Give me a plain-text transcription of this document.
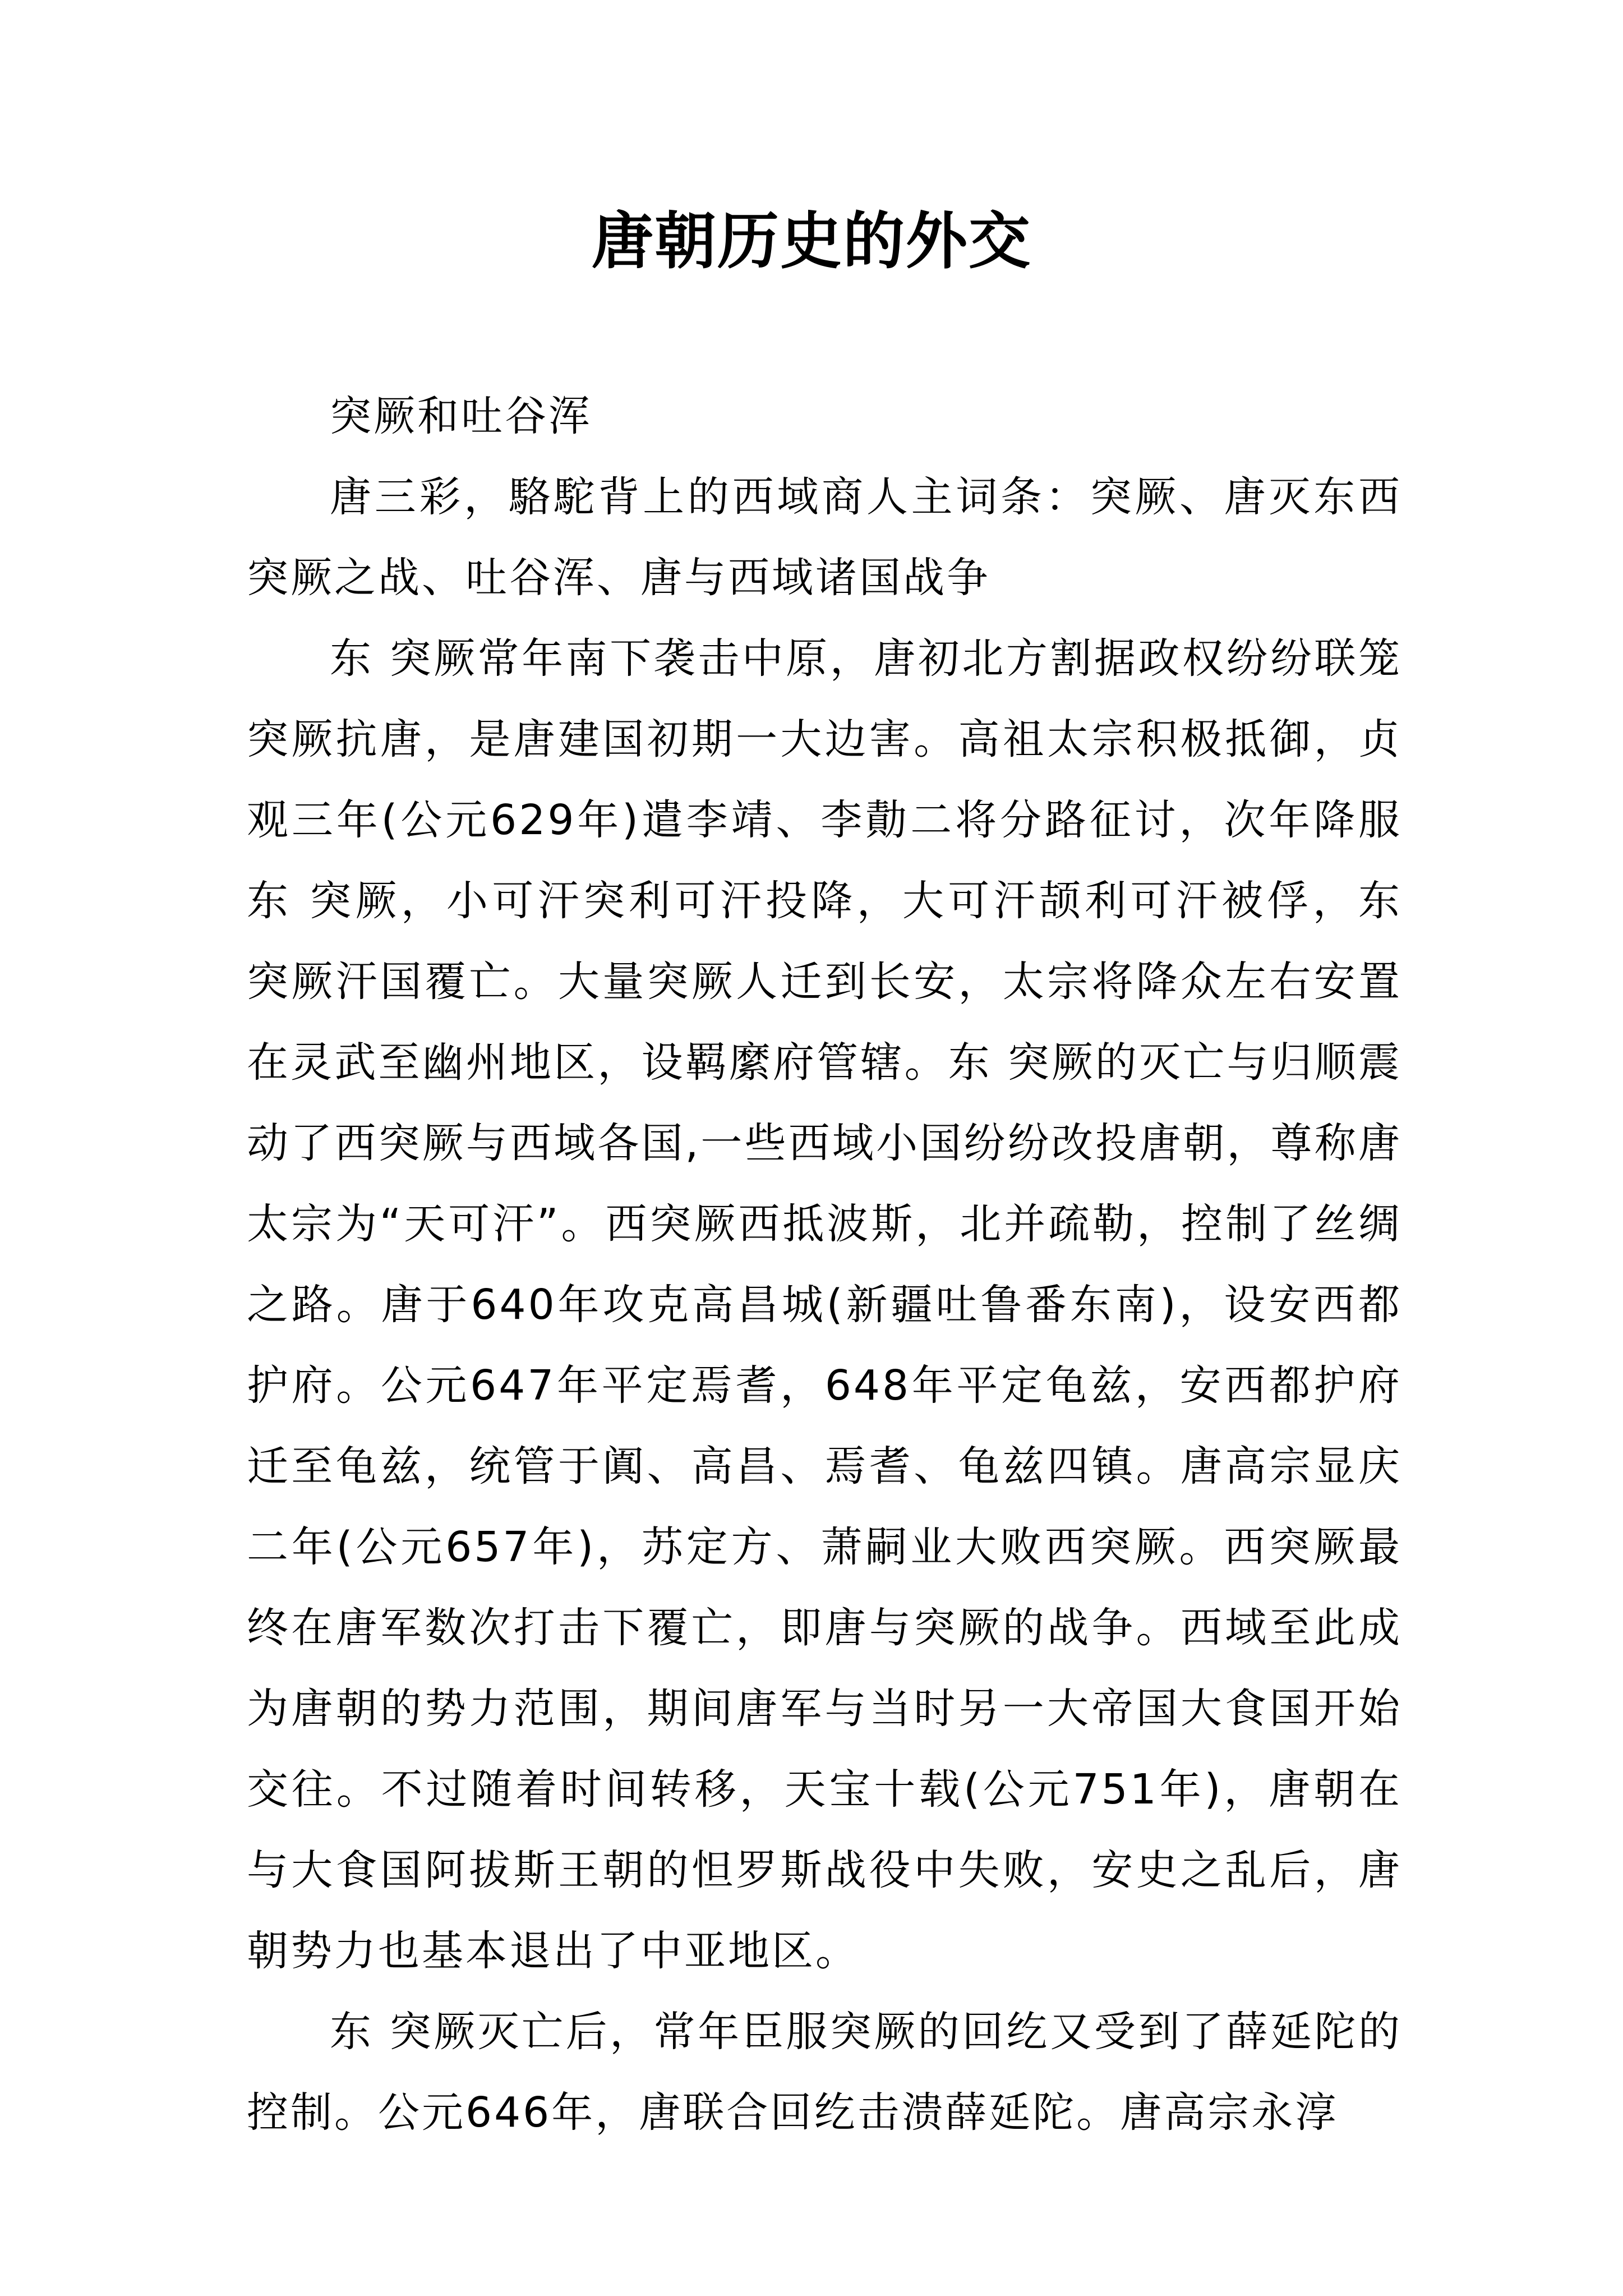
唐朝历史的外交

突厥和吐谷浑

唐三彩，駱駝背上的西域商人主词条：突厥、唐灭东西突厥之战、吐谷浑、唐与西域诸国战争

东 突厥常年南下袭击中原，唐初北方割据政权纷纷联笼突厥抗唐，是唐建国初期一大边害。高祖太宗积极抵御，贞观三年(公元629年)遣李靖、李勣二将分路征讨，次年降服东 突厥，小可汗突利可汗投降，大可汗颉利可汗被俘，东 突厥汗国覆亡。大量突厥人迁到长安，太宗将降众左右安置在灵武至幽州地区，设羁縻府管辖。东 突厥的灭亡与归顺震动了西突厥与西域各国,一些西域小国纷纷改投唐朝，尊称唐太宗为“天可汗”。西突厥西抵波斯，北并疏勒，控制了丝绸之路。唐于640年攻克高昌城(新疆吐鲁番东南)，设安西都护府。公元647年平定焉耆，648年平定龟兹，安西都护府迁至龟兹，统管于阗、高昌、焉耆、龟兹四镇。唐高宗显庆二年(公元657年)，苏定方、萧嗣业大败西突厥。西突厥最终在唐军数次打击下覆亡，即唐与突厥的战争。西域至此成为唐朝的势力范围，期间唐军与当时另一大帝国大食国开始交往。不过随着时间转移，天宝十载(公元751年)，唐朝在与大食国阿拔斯王朝的怛罗斯战役中失败，安史之乱后，唐朝势力也基本退出了中亚地区。

东 突厥灭亡后，常年臣服突厥的回纥又受到了薛延陀的控制。公元646年，唐联合回纥击溃薛延陀。唐高宗永淳
